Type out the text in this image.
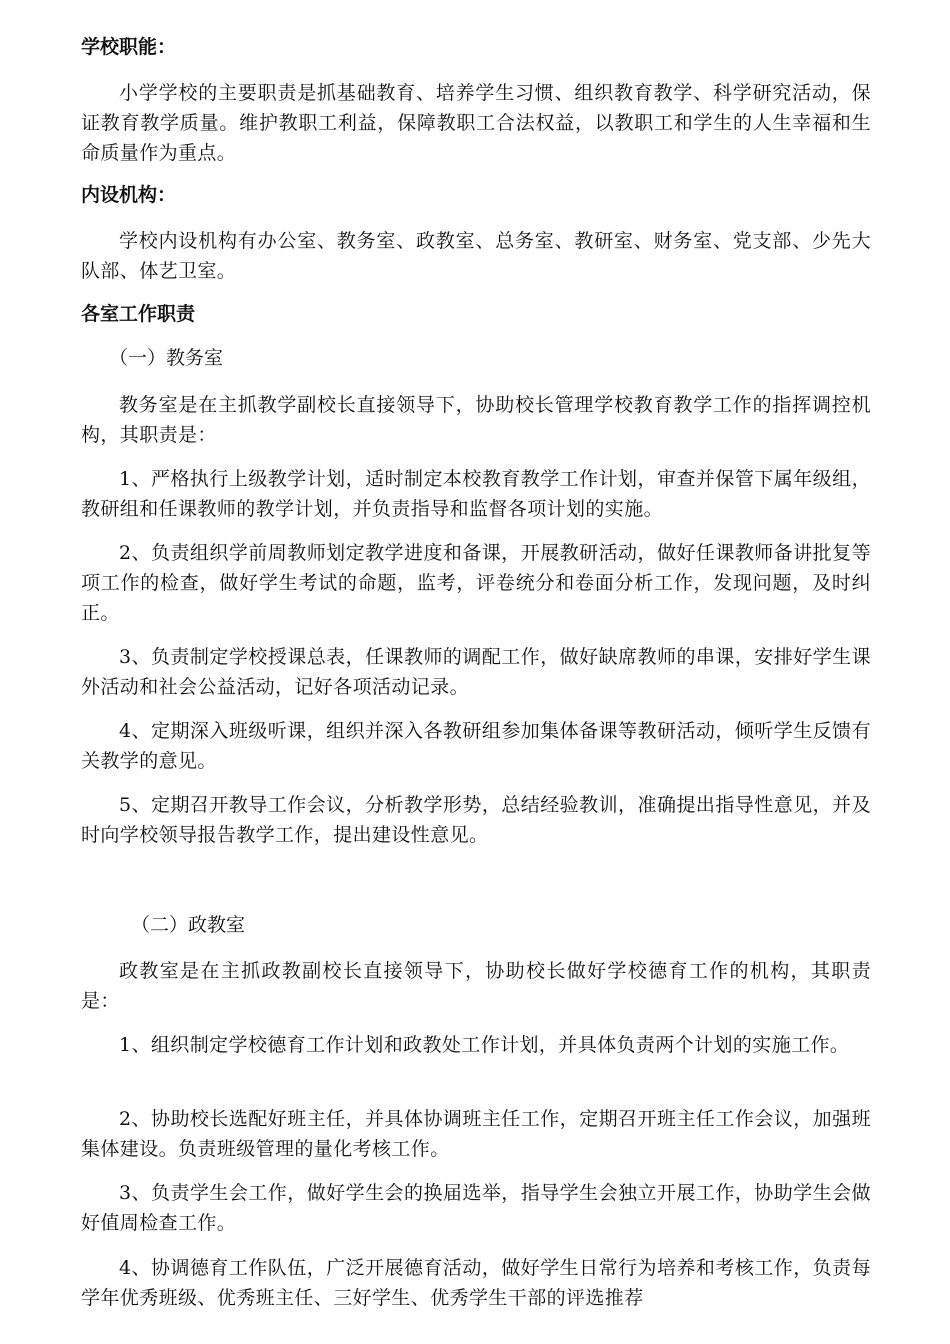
学校职能：

小学学校的主要职责是抓基础教育、培养学生习惯、组织教育教学、科学研究活动，保证教育教学质量。维护教职工利益，保障教职工合法权益，以教职工和学生的人生幸福和生命质量作为重点。

内设机构：

学校内设机构有办公室、教务室、政教室、总务室、教研室、财务室、党支部、少先大队部、体艺卫室。

各室工作职责
（一）教务室

教务室是在主抓教学副校长直接领导下，协助校长管理学校教育教学工作的指挥调控机构，其职责是：

1、严格执行上级教学计划，适时制定本校教育教学工作计划，审查并保管下属年级组，教研组和任课教师的教学计划，并负责指导和监督各项计划的实施。

2、负责组织学前周教师划定教学进度和备课，开展教研活动，做好任课教师备讲批复等项工作的检查，做好学生考试的命题，监考，评卷统分和卷面分析工作，发现问题，及时纠正。

3、负责制定学校授课总表，任课教师的调配工作，做好缺席教师的串课，安排好学生课外活动和社会公益活动，记好各项活动记录。

4、定期深入班级听课，组织并深入各教研组参加集体备课等教研活动，倾听学生反馈有关教学的意见。

5、定期召开教导工作会议，分析教学形势，总结经验教训，准确提出指导性意见，并及时向学校领导报告教学工作，提出建设性意见。

（二）政教室

政教室是在主抓政教副校长直接领导下，协助校长做好学校德育工作的机构，其职责是：

1、组织制定学校德育工作计划和政教处工作计划，并具体负责两个计划的实施工作。

2、协助校长选配好班主任，并具体协调班主任工作，定期召开班主任工作会议，加强班集体建设。负责班级管理的量化考核工作。

3、负责学生会工作，做好学生会的换届选举，指导学生会独立开展工作，协助学生会做好值周检查工作。

4、协调德育工作队伍，广泛开展德育活动，做好学生日常行为培养和考核工作，负责每学年优秀班级、优秀班主任、三好学生、优秀学生干部的评选推荐
